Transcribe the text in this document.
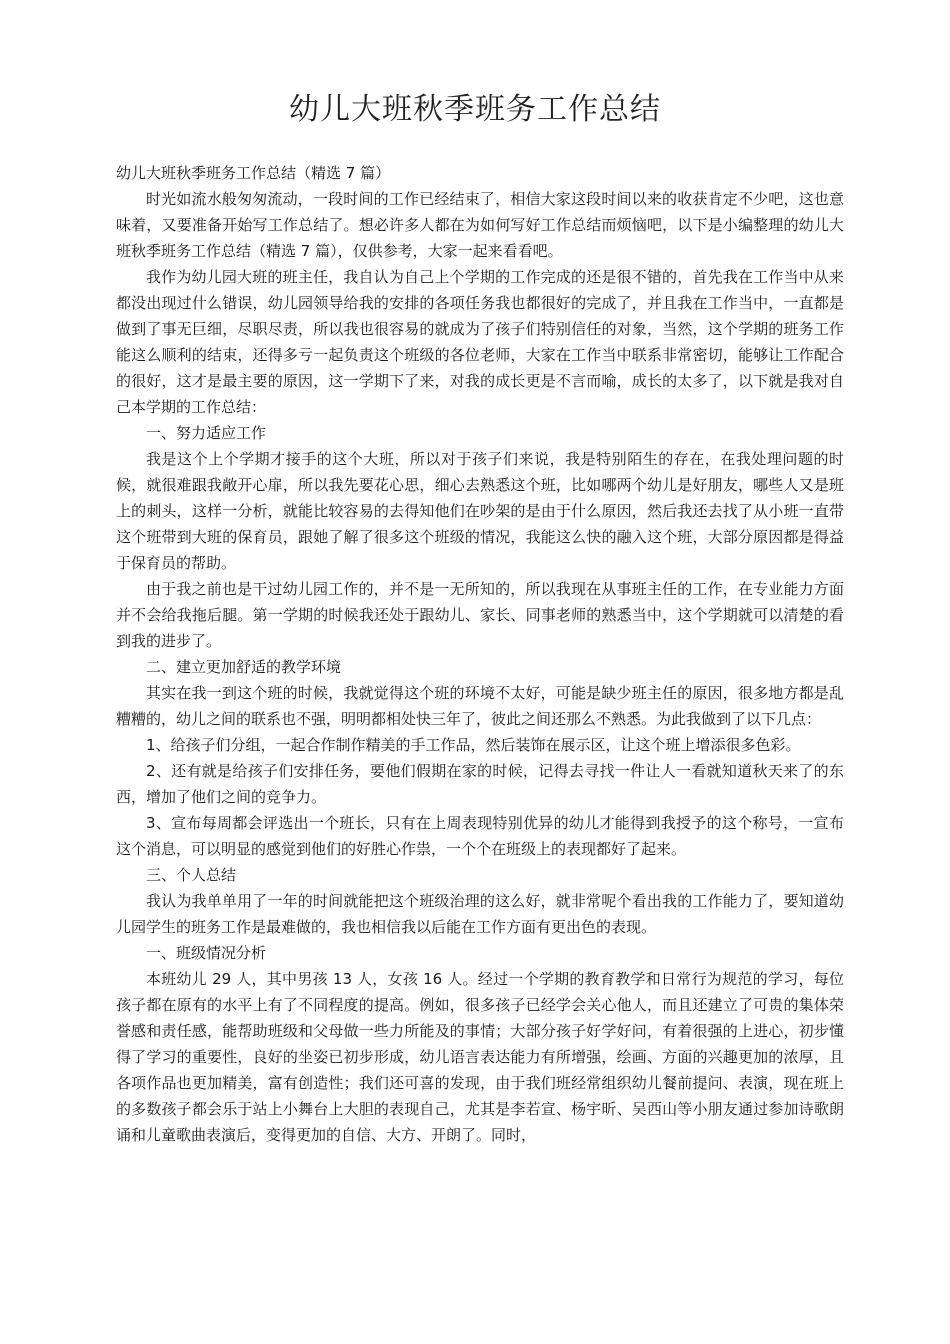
幼儿大班秋季班务工作总结

幼儿大班秋季班务工作总结（精选 7 篇）

时光如流水般匆匆流动，一段时间的工作已经结束了，相信大家这段时间以来的收获肯定不少吧，这也意味着，又要准备开始写工作总结了。想必许多人都在为如何写好工作总结而烦恼吧，以下是小编整理的幼儿大班秋季班务工作总结（精选 7 篇），仅供参考，大家一起来看看吧。

我作为幼儿园大班的班主任，我自认为自己上个学期的工作完成的还是很不错的，首先我在工作当中从来都没出现过什么错误，幼儿园领导给我的安排的各项任务我也都很好的完成了，并且我在工作当中，一直都是做到了事无巨细，尽职尽责，所以我也很容易的就成为了孩子们特别信任的对象，当然，这个学期的班务工作能这么顺利的结束，还得多亏一起负责这个班级的各位老师，大家在工作当中联系非常密切，能够让工作配合的很好，这才是最主要的原因，这一学期下了来，对我的成长更是不言而喻，成长的太多了，以下就是我对自己本学期的工作总结：

一、努力适应工作

我是这个上个学期才接手的这个大班，所以对于孩子们来说，我是特别陌生的存在，在我处理问题的时候，就很难跟我敞开心扉，所以我先要花心思，细心去熟悉这个班，比如哪两个幼儿是好朋友，哪些人又是班上的刺头，这样一分析，就能比较容易的去得知他们在吵架的是由于什么原因，然后我还去找了从小班一直带这个班带到大班的保育员，跟她了解了很多这个班级的情况，我能这么快的融入这个班，大部分原因都是得益于保育员的帮助。

由于我之前也是干过幼儿园工作的，并不是一无所知的，所以我现在从事班主任的工作，在专业能力方面并不会给我拖后腿。第一学期的时候我还处于跟幼儿、家长、同事老师的熟悉当中，这个学期就可以清楚的看到我的进步了。

二、建立更加舒适的教学环境

其实在我一到这个班的时候，我就觉得这个班的环境不太好，可能是缺少班主任的原因，很多地方都是乱糟糟的，幼儿之间的联系也不强，明明都相处快三年了，彼此之间还那么不熟悉。为此我做到了以下几点：

1、给孩子们分组，一起合作制作精美的手工作品，然后装饰在展示区，让这个班上增添很多色彩。

2、还有就是给孩子们安排任务，要他们假期在家的时候，记得去寻找一件让人一看就知道秋天来了的东西，增加了他们之间的竞争力。

3、宣布每周都会评选出一个班长，只有在上周表现特别优异的幼儿才能得到我授予的这个称号，一宣布这个消息，可以明显的感觉到他们的好胜心作祟，一个个在班级上的表现都好了起来。

三、个人总结

我认为我单单用了一年的时间就能把这个班级治理的这么好，就非常呢个看出我的工作能力了，要知道幼儿园学生的班务工作是最难做的，我也相信我以后能在工作方面有更出色的表现。

一、班级情况分析

本班幼儿 29 人，其中男孩 13 人，女孩 16 人。经过一个学期的教育教学和日常行为规范的学习，每位孩子都在原有的水平上有了不同程度的提高。例如，很多孩子已经学会关心他人，而且还建立了可贵的集体荣誉感和责任感，能帮助班级和父母做一些力所能及的事情；大部分孩子好学好问，有着很强的上进心，初步懂得了学习的重要性，良好的坐姿已初步形成，幼儿语言表达能力有所增强，绘画、方面的兴趣更加的浓厚，且各项作品也更加精美，富有创造性；我们还可喜的发现，由于我们班经常组织幼儿餐前提问、表演，现在班上的多数孩子都会乐于站上小舞台上大胆的表现自己，尤其是李若宣、杨宇昕、吴西山等小朋友通过参加诗歌朗诵和儿童歌曲表演后，变得更加的自信、大方、开朗了。同时，
